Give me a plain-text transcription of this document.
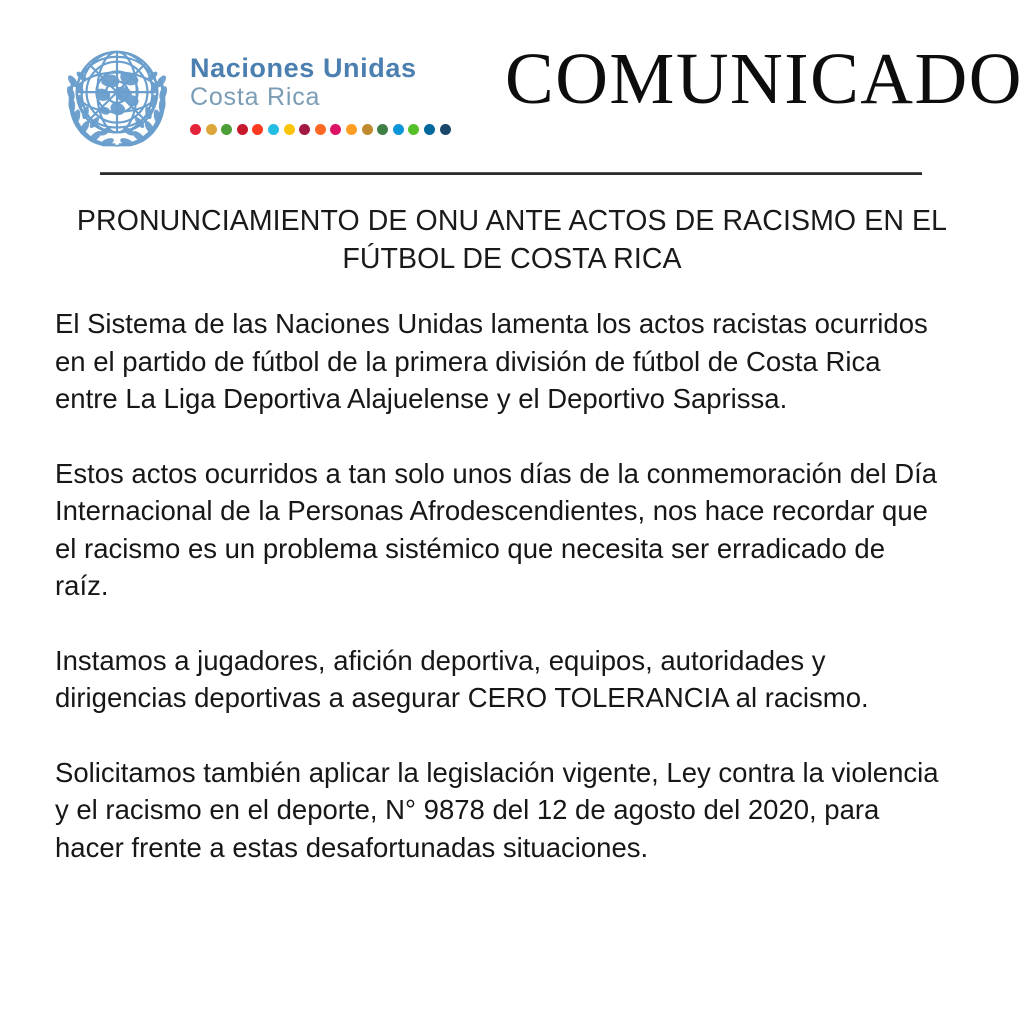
Naciones Unidas
Costa Rica	COMUNICADO
PRONUNCIAMIENTO DE ONU ANTE ACTOS DE RACISMO EN EL FÚTBOL DE COSTA RICA

El Sistema de las Naciones Unidas lamenta los actos racistas ocurridos en el partido de fútbol de la primera división de fútbol de Costa Rica entre La Liga Deportiva Alajuelense y el Deportivo Saprissa.

Estos actos ocurridos a tan solo unos días de la conmemoración del Día Internacional de la Personas Afrodescendientes, nos hace recordar que el racismo es un problema sistémico que necesita ser erradicado de raíz.

Instamos a jugadores, afición deportiva, equipos, autoridades y dirigencias deportivas a asegurar CERO TOLERANCIA al racismo.

Solicitamos también aplicar la legislación vigente, Ley contra la violencia y el racismo en el deporte, N° 9878 del 12 de agosto del 2020, para hacer frente a estas desafortunadas situaciones.
